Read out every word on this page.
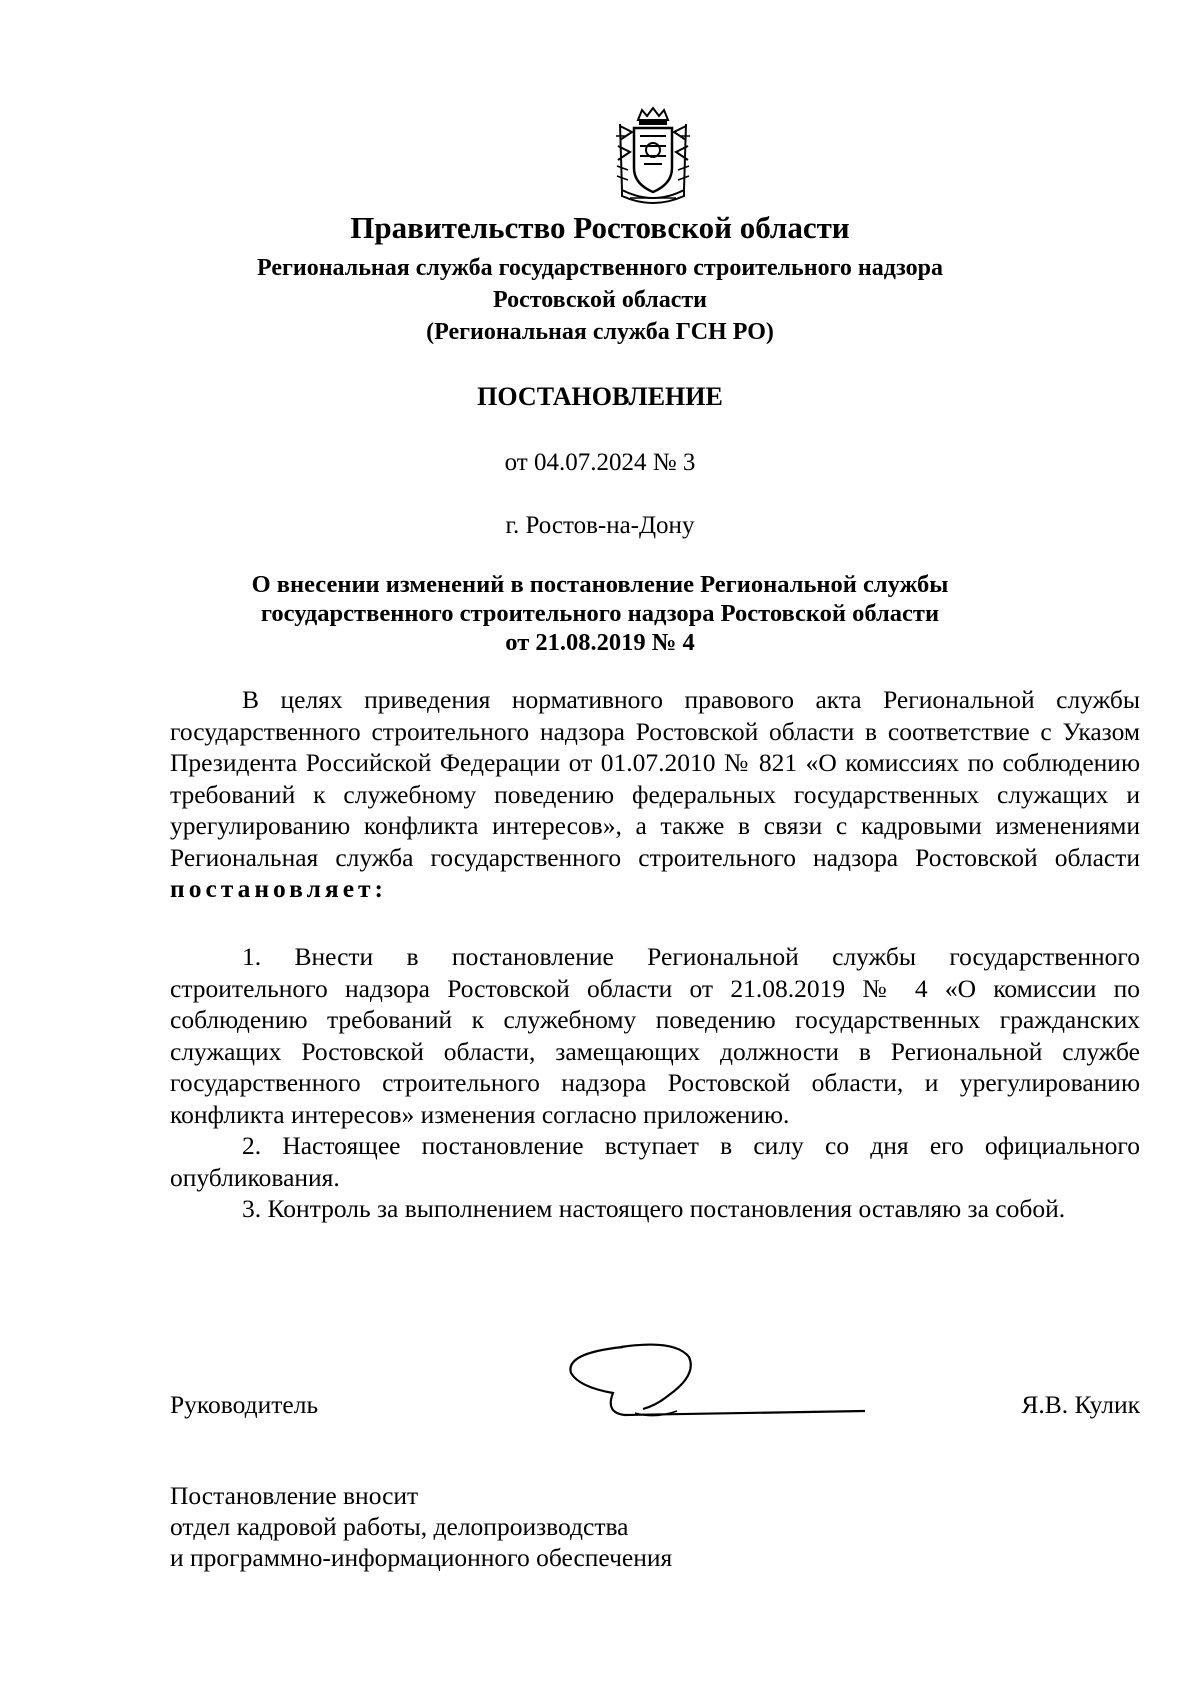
Правительство Ростовской области
Региональная служба государственного строительного надзора
Ростовской области
(Региональная служба ГСН РО)
ПОСТАНОВЛЕНИЕ
от 04.07.2024 № 3
г. Ростов-на-Дону
О внесении изменений в постановление Региональной службы
государственного строительного надзора Ростовской области
от 21.08.2019 № 4

В целях приведения нормативного правового акта Региональной службы государственного строительного надзора Ростовской области в соответствие с Указом Президента Российской Федерации от 01.07.2010 № 821 «О комиссиях по соблюдению требований к служебному поведению федеральных государственных служащих и урегулированию конфликта интересов», а также в связи с кадровыми изменениями Региональная служба государственного строительного надзора Ростовской области постановляет:

1. Внести в постановление Региональной службы государственного строительного надзора Ростовской области от 21.08.2019 № 4 «О комиссии по соблюдению требований к служебному поведению государственных гражданских служащих Ростовской области, замещающих должности в Региональной службе государственного строительного надзора Ростовской области, и урегулированию конфликта интересов» изменения согласно приложению.

2. Настоящее постановление вступает в силу со дня его официального опубликования.

3. Контроль за выполнением настоящего постановления оставляю за собой.

Руководитель	Я.В. Кулик
Постановление вносит
отдел кадровой работы, делопроизводства
и программно-информационного обеспечения
